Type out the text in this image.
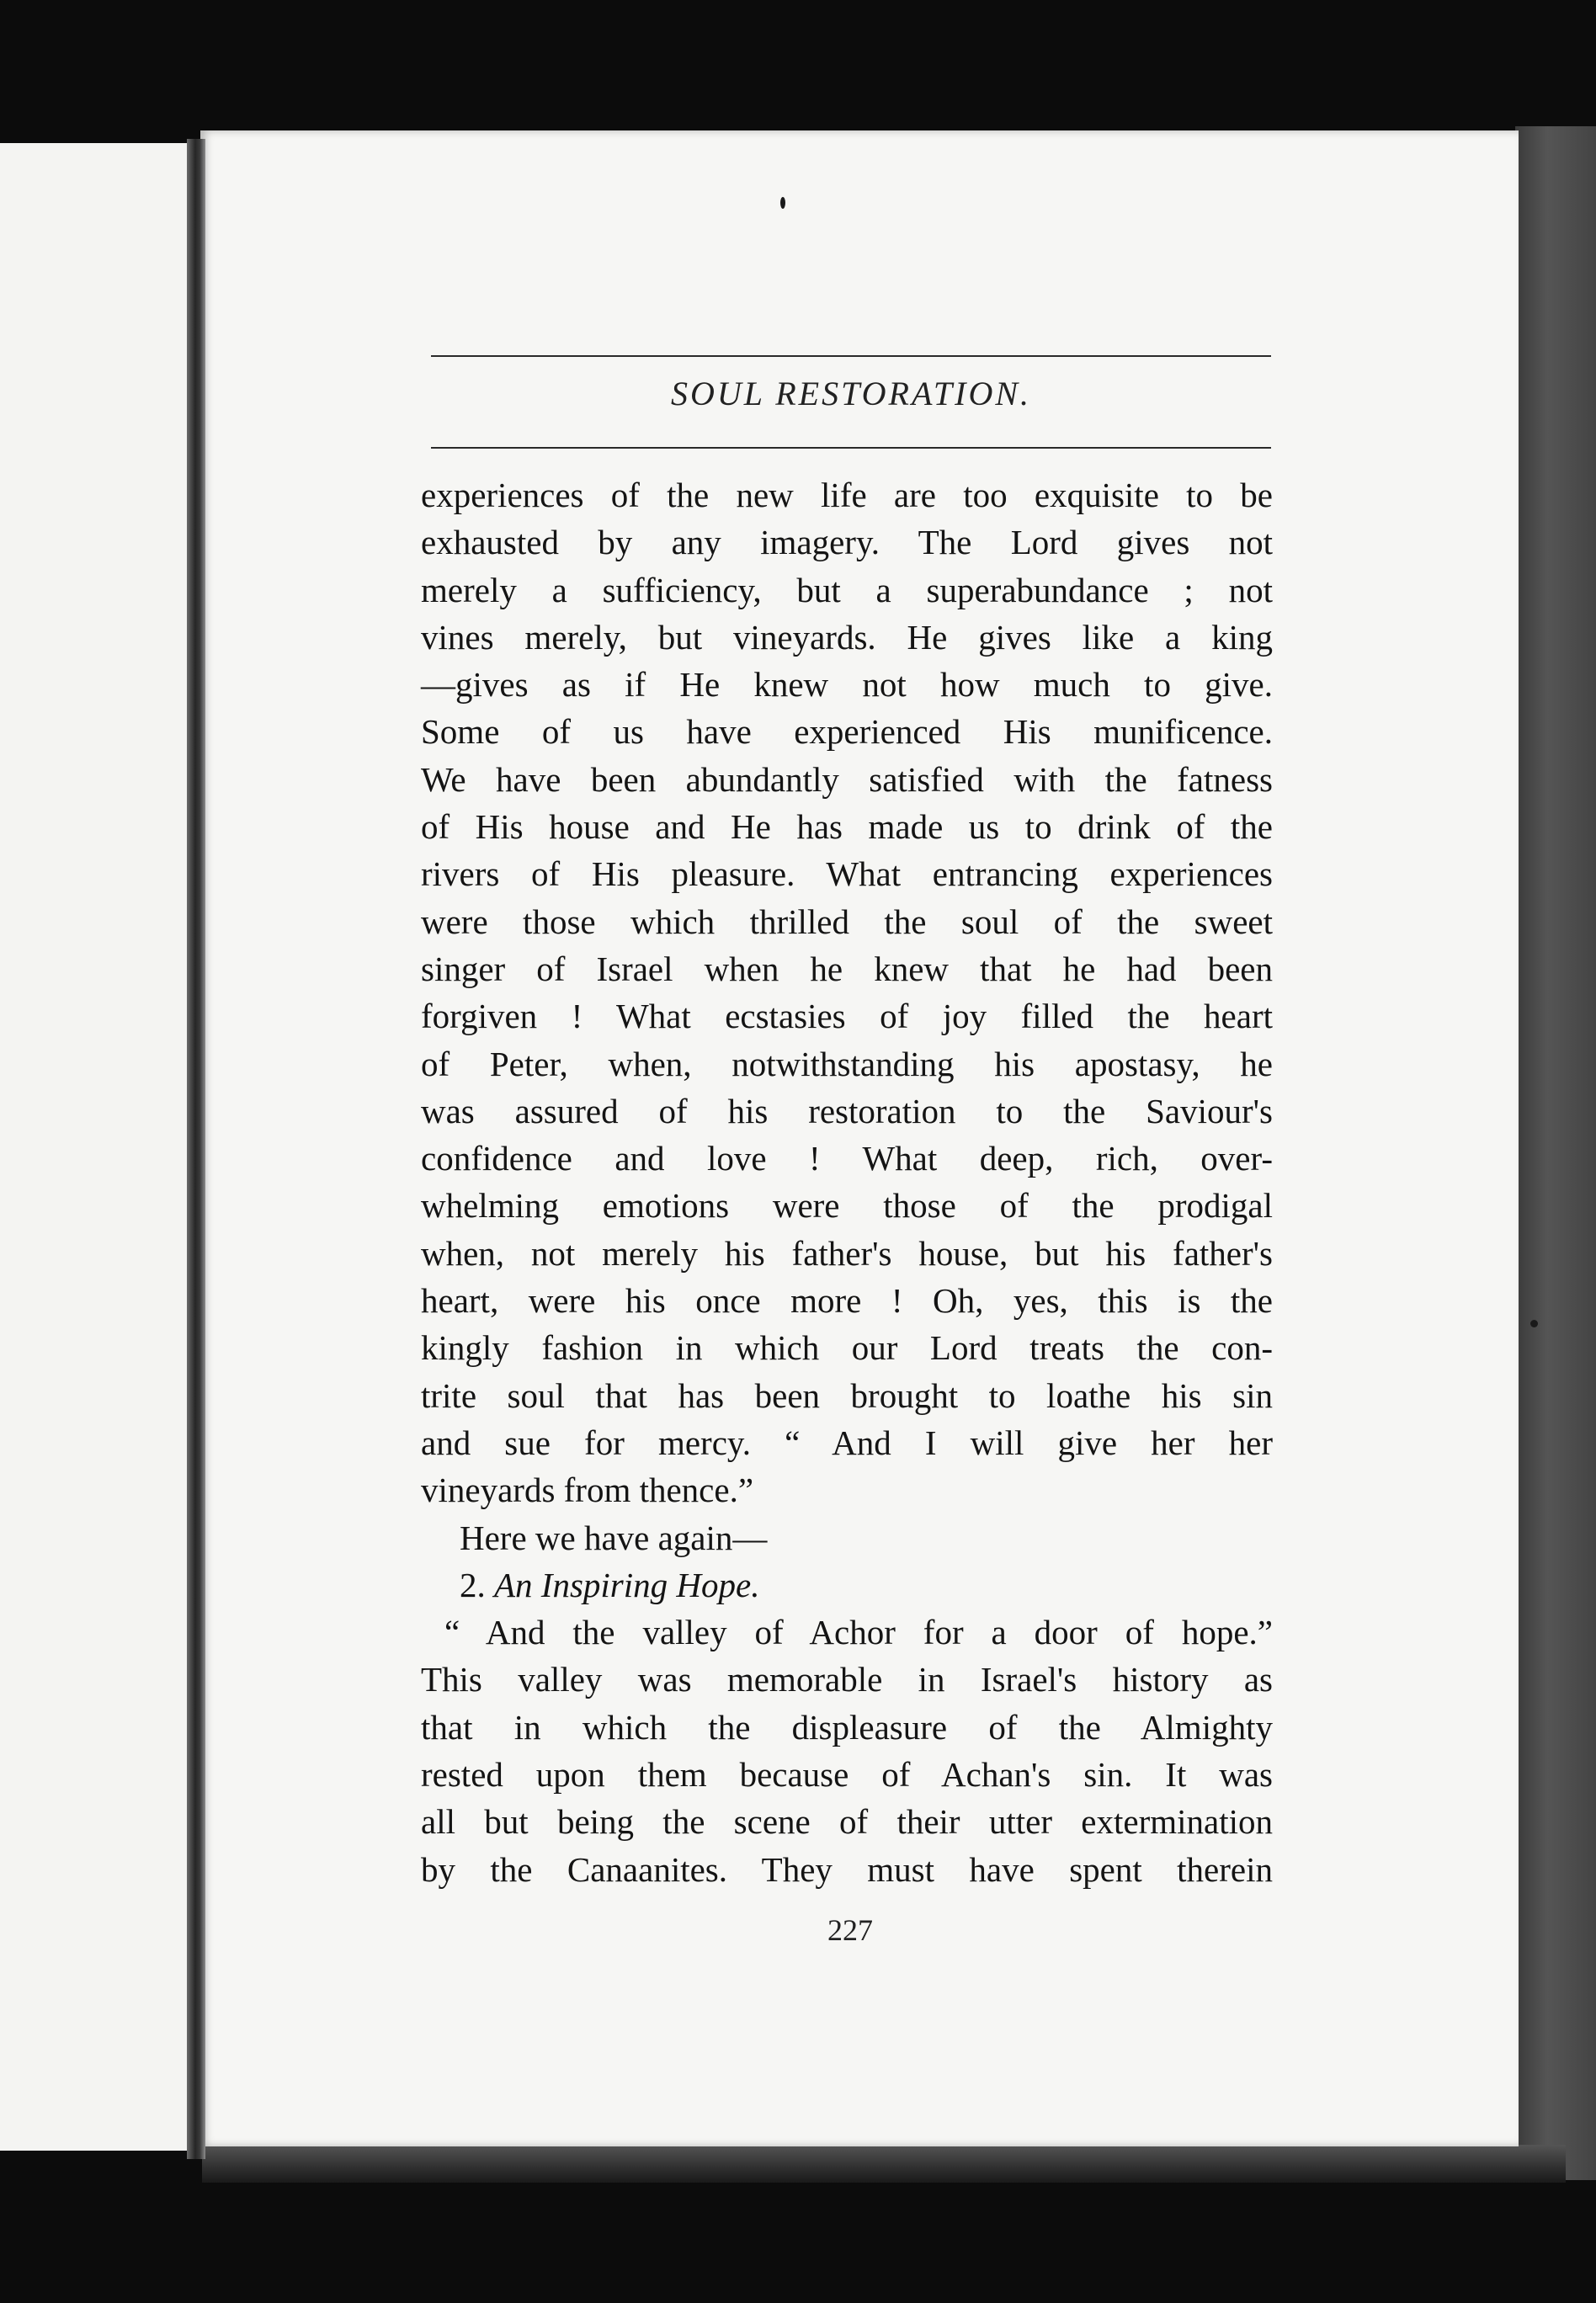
SOUL RESTORATION.
experiences of the new life are too exquisite to be
exhausted by any imagery. The Lord gives not
merely a sufficiency, but a superabundance ; not
vines merely, but vineyards. He gives like a king
—gives as if He knew not how much to give.
Some of us have experienced His munificence.
We have been abundantly satisfied with the fatness
of His house and He has made us to drink of the
rivers of His pleasure. What entrancing experiences
were those which thrilled the soul of the sweet
singer of Israel when he knew that he had been
forgiven ! What ecstasies of joy filled the heart
of Peter, when, notwithstanding his apostasy, he
was assured of his restoration to the Saviour's
confidence and love ! What deep, rich, over-
whelming emotions were those of the prodigal
when, not merely his father's house, but his father's
heart, were his once more ! Oh, yes, this is the
kingly fashion in which our Lord treats the con-
trite soul that has been brought to loathe his sin
and sue for mercy. “ And I will give her her
vineyards from thence.”
Here we have again—
2. An Inspiring Hope.
“ And the valley of Achor for a door of hope.”
This valley was memorable in Israel's history as
that in which the displeasure of the Almighty
rested upon them because of Achan's sin. It was
all but being the scene of their utter extermination
by the Canaanites. They must have spent therein
227
